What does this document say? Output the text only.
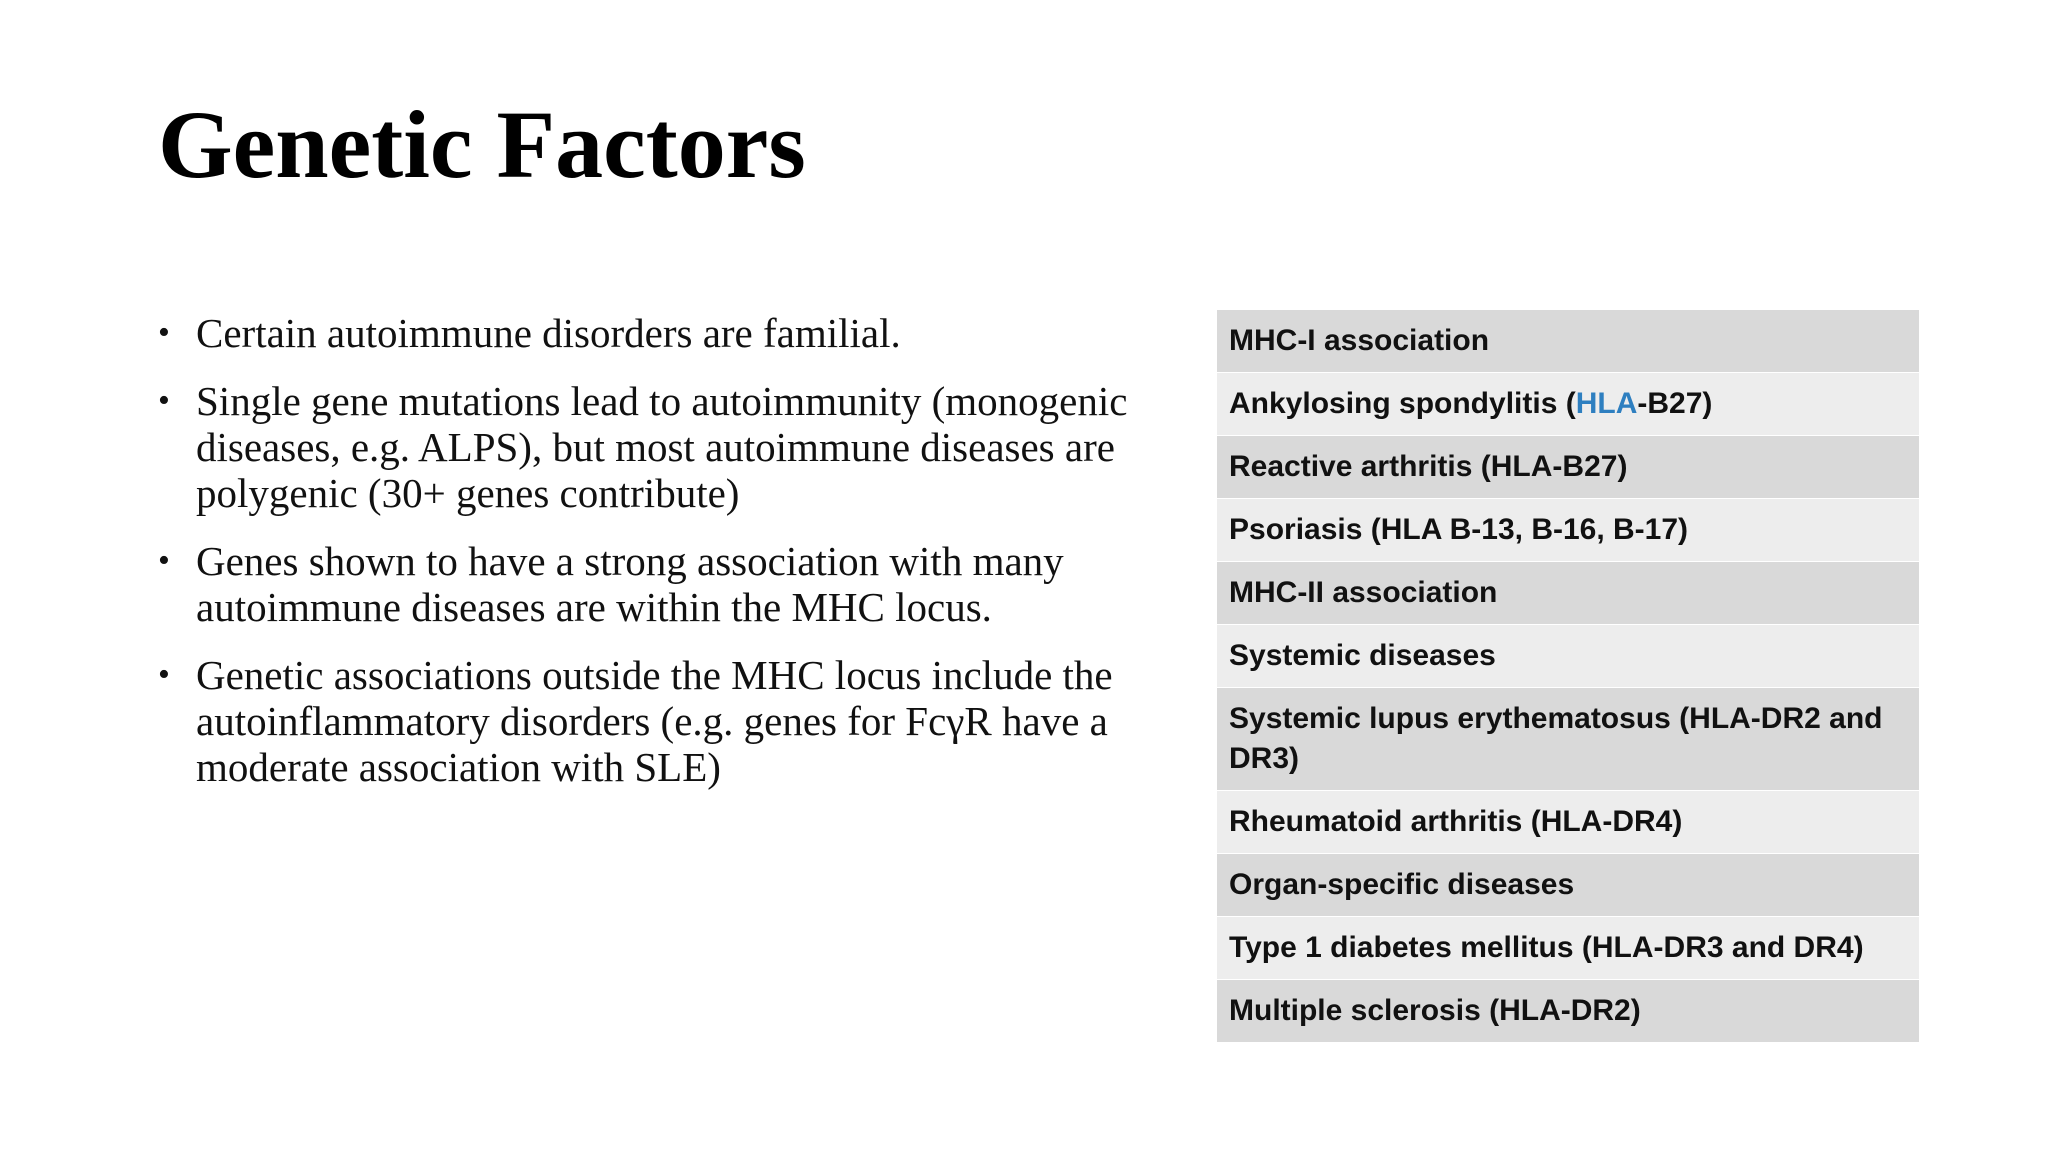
Genetic Factors
• Certain autoimmune disorders are familial.
• Single gene mutations lead to autoimmunity (monogenic diseases, e.g. ALPS), but most autoimmune diseases are polygenic (30+ genes contribute)
• Genes shown to have a strong association with many autoimmune diseases are within the MHC locus.
• Genetic associations outside the MHC locus include the autoinflammatory disorders (e.g. genes for FcγR have a moderate association with SLE)
MHC-I association
Ankylosing spondylitis (HLA-B27)
Reactive arthritis (HLA-B27)
Psoriasis (HLA B-13, B-16, B-17)
MHC-II association
Systemic diseases
Systemic lupus erythematosus (HLA-DR2 and DR3)
Rheumatoid arthritis (HLA-DR4)
Organ-specific diseases
Type 1 diabetes mellitus (HLA-DR3 and DR4)
Multiple sclerosis (HLA-DR2)
